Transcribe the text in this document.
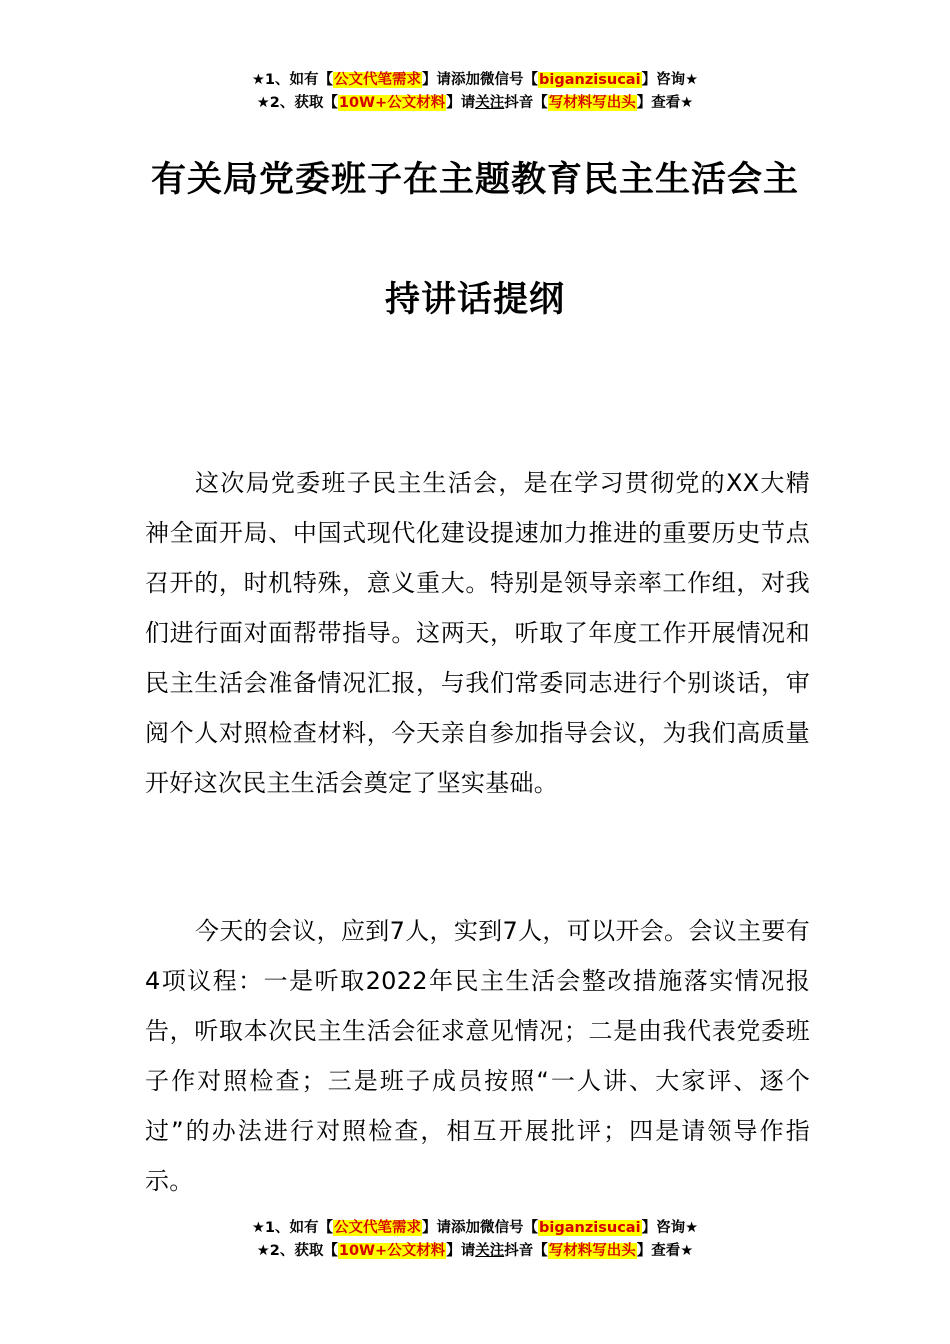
★1、如有【公文代笔需求】请添加微信号【biganzisucai】咨询★
★2、获取【10W+公文材料】请关注抖音【写材料写出头】查看★
有关局党委班子在主题教育民主生活会主
持讲话提纲
这次局党委班子民主生活会，是在学习贯彻党的XX大精神全面开局、中国式现代化建设提速加力推进的重要历史节点召开的，时机特殊，意义重大。特别是领导亲率工作组，对我们进行面对面帮带指导。这两天，听取了年度工作开展情况和民主生活会准备情况汇报，与我们常委同志进行个别谈话，审阅个人对照检查材料，今天亲自参加指导会议，为我们高质量开好这次民主生活会奠定了坚实基础。
今天的会议，应到7人，实到7人，可以开会。会议主要有4项议程：一是听取2022年民主生活会整改措施落实情况报告，听取本次民主生活会征求意见情况；二是由我代表党委班子作对照检查；三是班子成员按照“一人讲、大家评、逐个过”的办法进行对照检查，相互开展批评；四是请领导作指示。
★1、如有【公文代笔需求】请添加微信号【biganzisucai】咨询★
★2、获取【10W+公文材料】请关注抖音【写材料写出头】查看★
